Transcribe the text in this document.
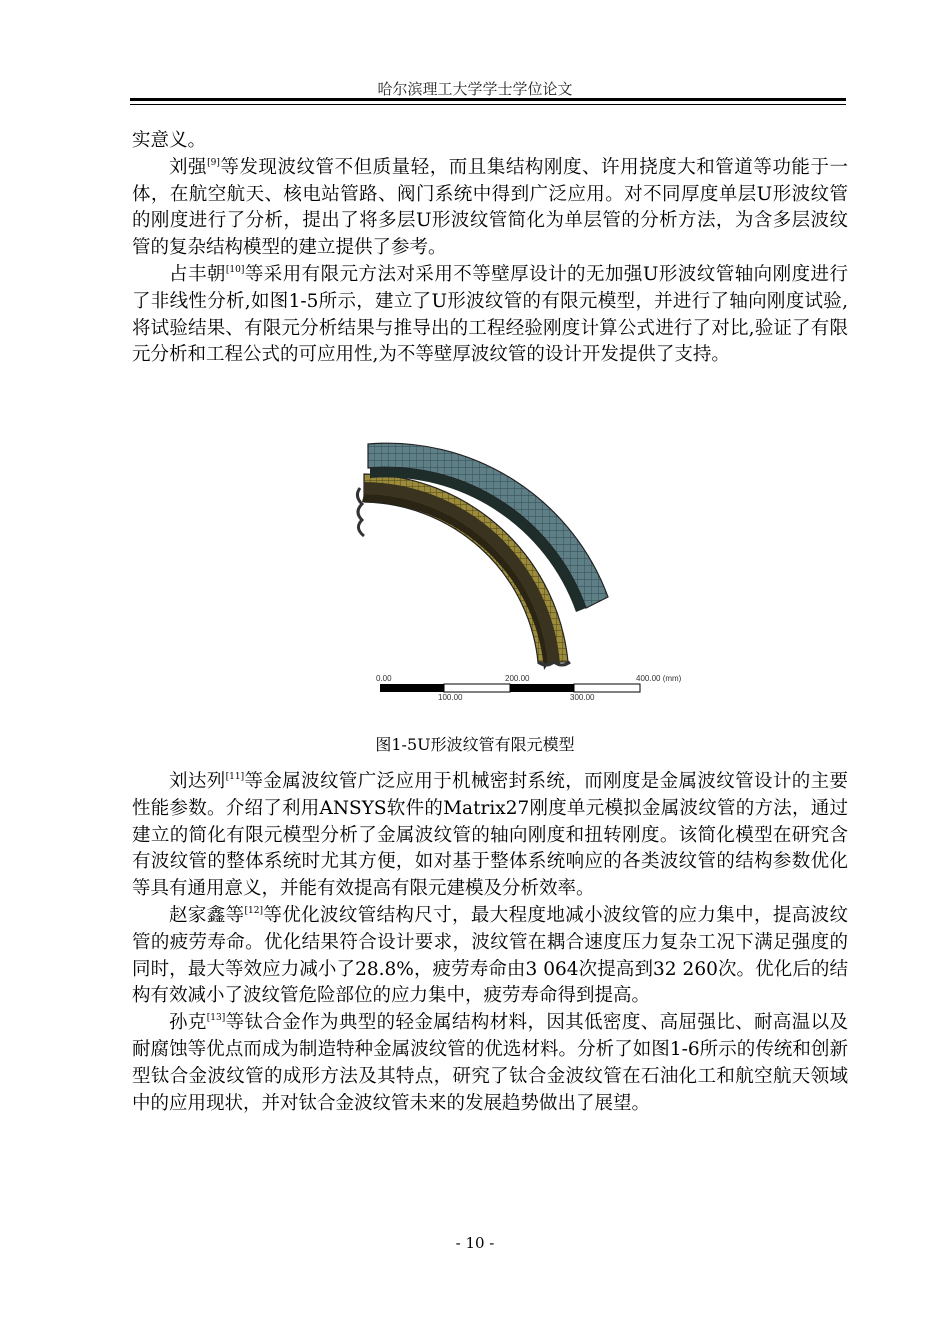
哈尔滨理工大学学士学位论文

实意义。

刘强[9]等发现波纹管不但质量轻，而且集结构刚度、许用挠度大和管道等功能于一体，在航空航天、核电站管路、阀门系统中得到广泛应用。对不同厚度单层U形波纹管的刚度进行了分析，提出了将多层U形波纹管简化为单层管的分析方法，为含多层波纹管的复杂结构模型的建立提供了参考。

占丰朝[10]等采用有限元方法对采用不等壁厚设计的无加强U形波纹管轴向刚度进行了非线性分析,如图1-5所示，建立了U形波纹管的有限元模型，并进行了轴向刚度试验,将试验结果、有限元分析结果与推导出的工程经验刚度计算公式进行了对比,验证了有限元分析和工程公式的可应用性,为不等壁厚波纹管的设计开发提供了支持。

0.00	200.00	400.00 (mm)
100.00	300.00
图1-5U形波纹管有限元模型

刘达列[11]等金属波纹管广泛应用于机械密封系统，而刚度是金属波纹管设计的主要性能参数。介绍了利用ANSYS软件的Matrix27刚度单元模拟金属波纹管的方法，通过建立的简化有限元模型分析了金属波纹管的轴向刚度和扭转刚度。该简化模型在研究含有波纹管的整体系统时尤其方便，如对基于整体系统响应的各类波纹管的结构参数优化等具有通用意义，并能有效提高有限元建模及分析效率。

赵家鑫等[12]等优化波纹管结构尺寸，最大程度地减小波纹管的应力集中，提高波纹管的疲劳寿命。优化结果符合设计要求，波纹管在耦合速度压力复杂工况下满足强度的同时，最大等效应力减小了28.8%，疲劳寿命由3 064次提高到32 260次。优化后的结构有效减小了波纹管危险部位的应力集中，疲劳寿命得到提高。

孙克[13]等钛合金作为典型的轻金属结构材料，因其低密度、高屈强比、耐高温以及耐腐蚀等优点而成为制造特种金属波纹管的优选材料。分析了如图1-6所示的传统和创新型钛合金波纹管的成形方法及其特点，研究了钛合金波纹管在石油化工和航空航天领域中的应用现状，并对钛合金波纹管未来的发展趋势做出了展望。

- 10 -
